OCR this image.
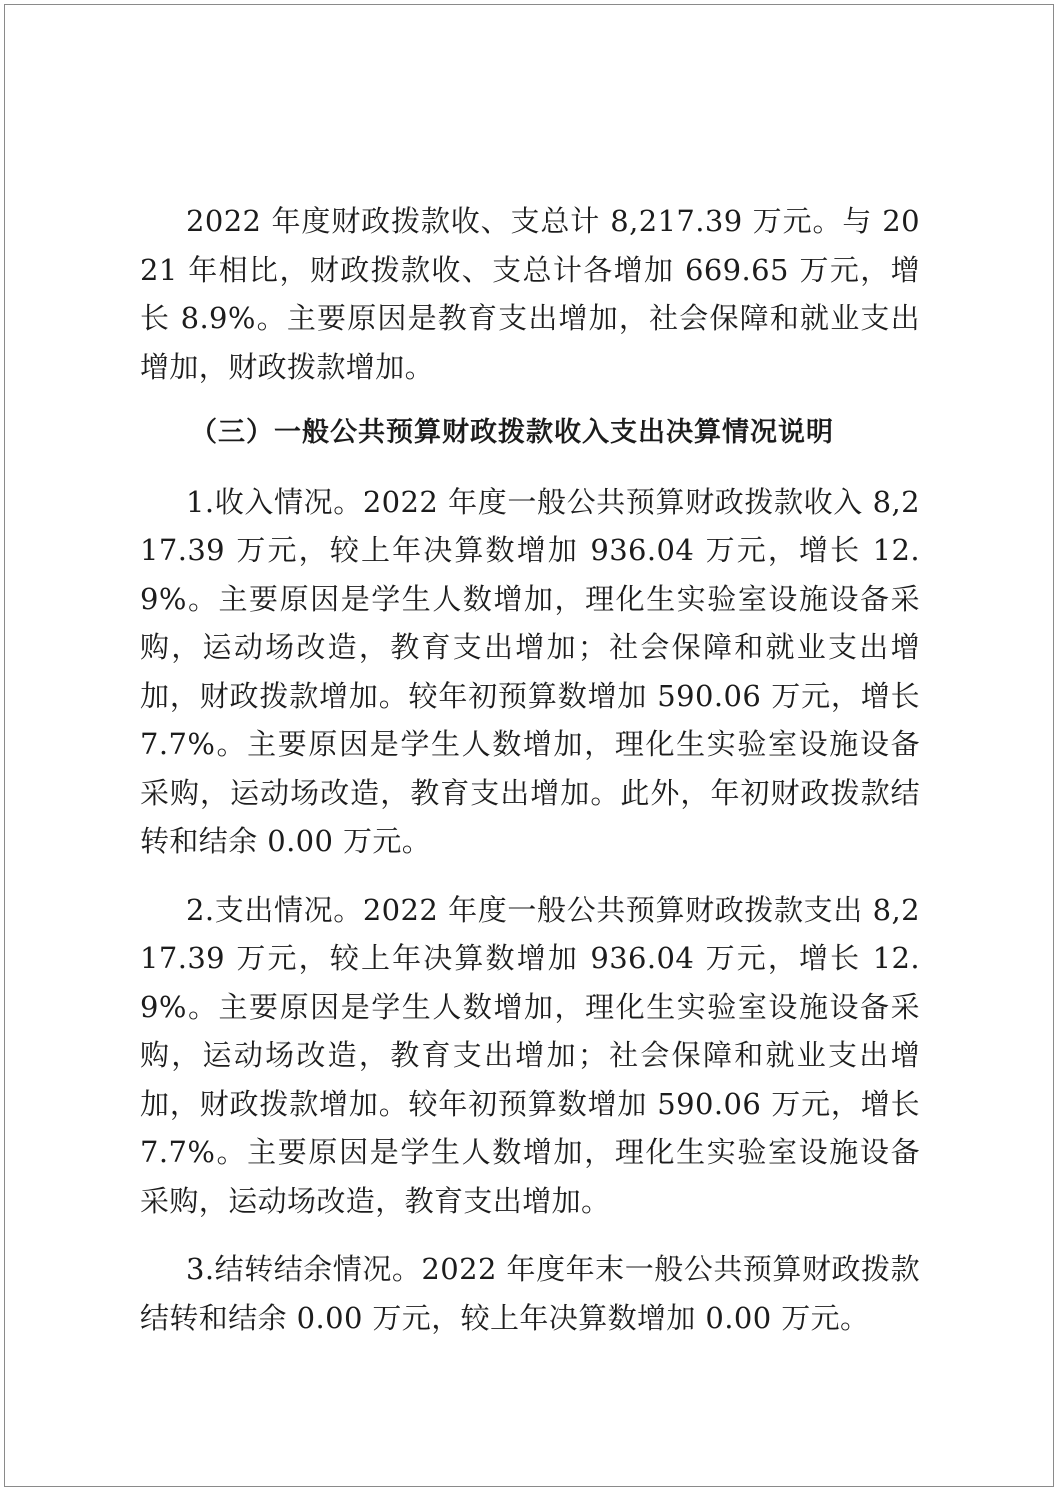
2022 年度财政拨款收、支总计 8,217.39 万元。与 2021 年相比，财政拨款收、支总计各增加 669.65 万元，增长 8.9%。主要原因是教育支出增加，社会保障和就业支出增加，财政拨款增加。

（三）一般公共预算财政拨款收入支出决算情况说明

1.收入情况。2022 年度一般公共预算财政拨款收入 8,217.39 万元，较上年决算数增加 936.04 万元，增长 12.9%。主要原因是学生人数增加，理化生实验室设施设备采购，运动场改造，教育支出增加；社会保障和就业支出增加，财政拨款增加。较年初预算数增加 590.06 万元，增长 7.7%。主要原因是学生人数增加，理化生实验室设施设备采购，运动场改造，教育支出增加。此外，年初财政拨款结转和结余 0.00 万元。

2.支出情况。2022 年度一般公共预算财政拨款支出 8,217.39 万元，较上年决算数增加 936.04 万元，增长 12.9%。主要原因是学生人数增加，理化生实验室设施设备采购，运动场改造，教育支出增加；社会保障和就业支出增加，财政拨款增加。较年初预算数增加 590.06 万元，增长 7.7%。主要原因是学生人数增加，理化生实验室设施设备采购，运动场改造，教育支出增加。

3.结转结余情况。2022 年度年末一般公共预算财政拨款结转和结余 0.00 万元，较上年决算数增加 0.00 万元。
